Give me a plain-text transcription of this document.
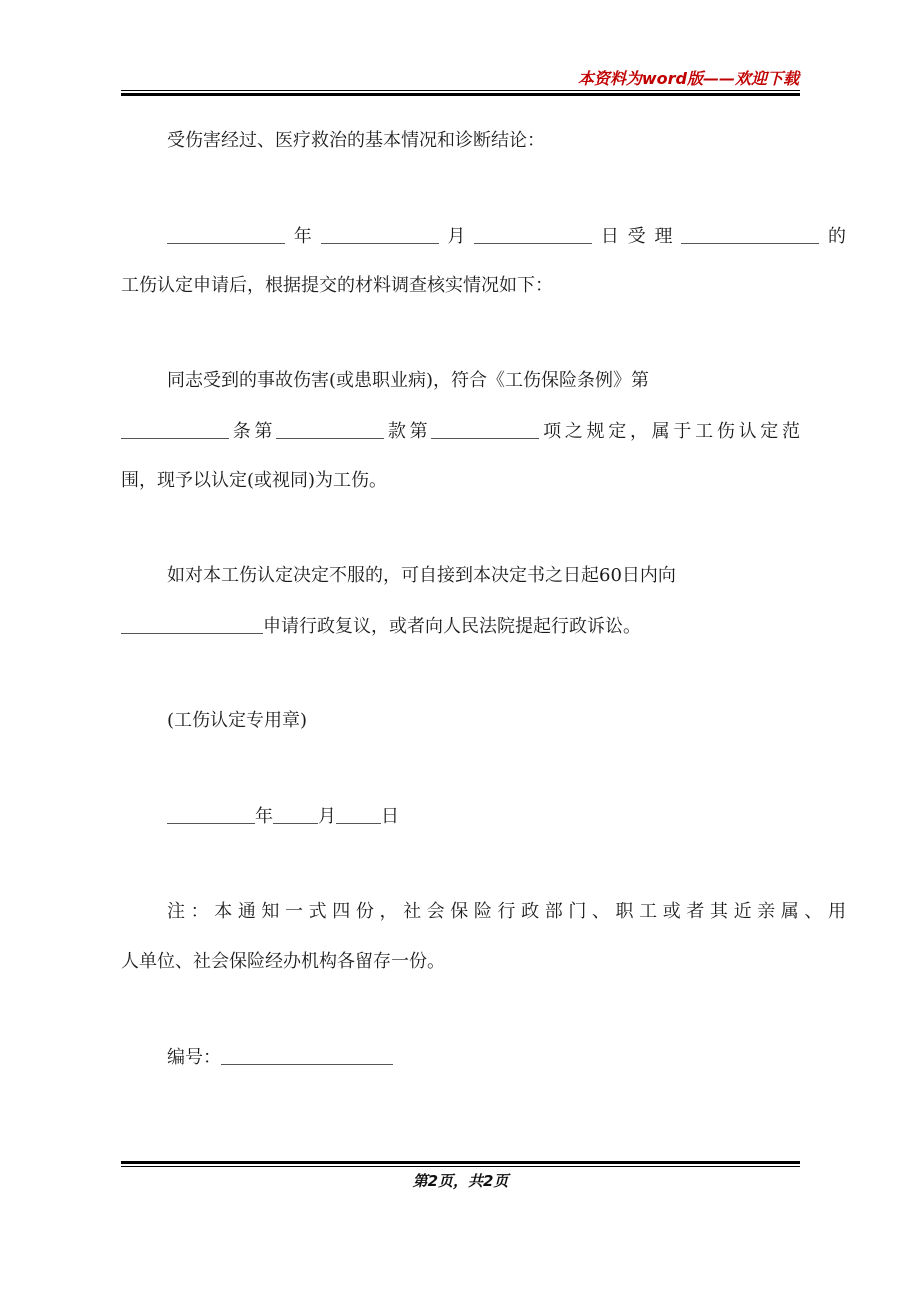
本资料为word版——欢迎下载
受伤害经过、医疗救治的基本情况和诊断结论：
年	月	日受理	的
工伤认定申请后，根据提交的材料调查核实情况如下：
同志受到的事故伤害(或患职业病)，符合《工伤保险条例》第
条第	款第	项之规定，属于工伤认定范
围，现予以认定(或视同)为工伤。
如对本工伤认定决定不服的，可自接到本决定书之日起60日内向
申请行政复议，或者向人民法院提起行政诉讼。
(工伤认定专用章)
年	月	日
注：本通知一式四份，社会保险行政部门、职工或者其近亲属、用
人单位、社会保险经办机构各留存一份。
编号：
第2页，共2页
